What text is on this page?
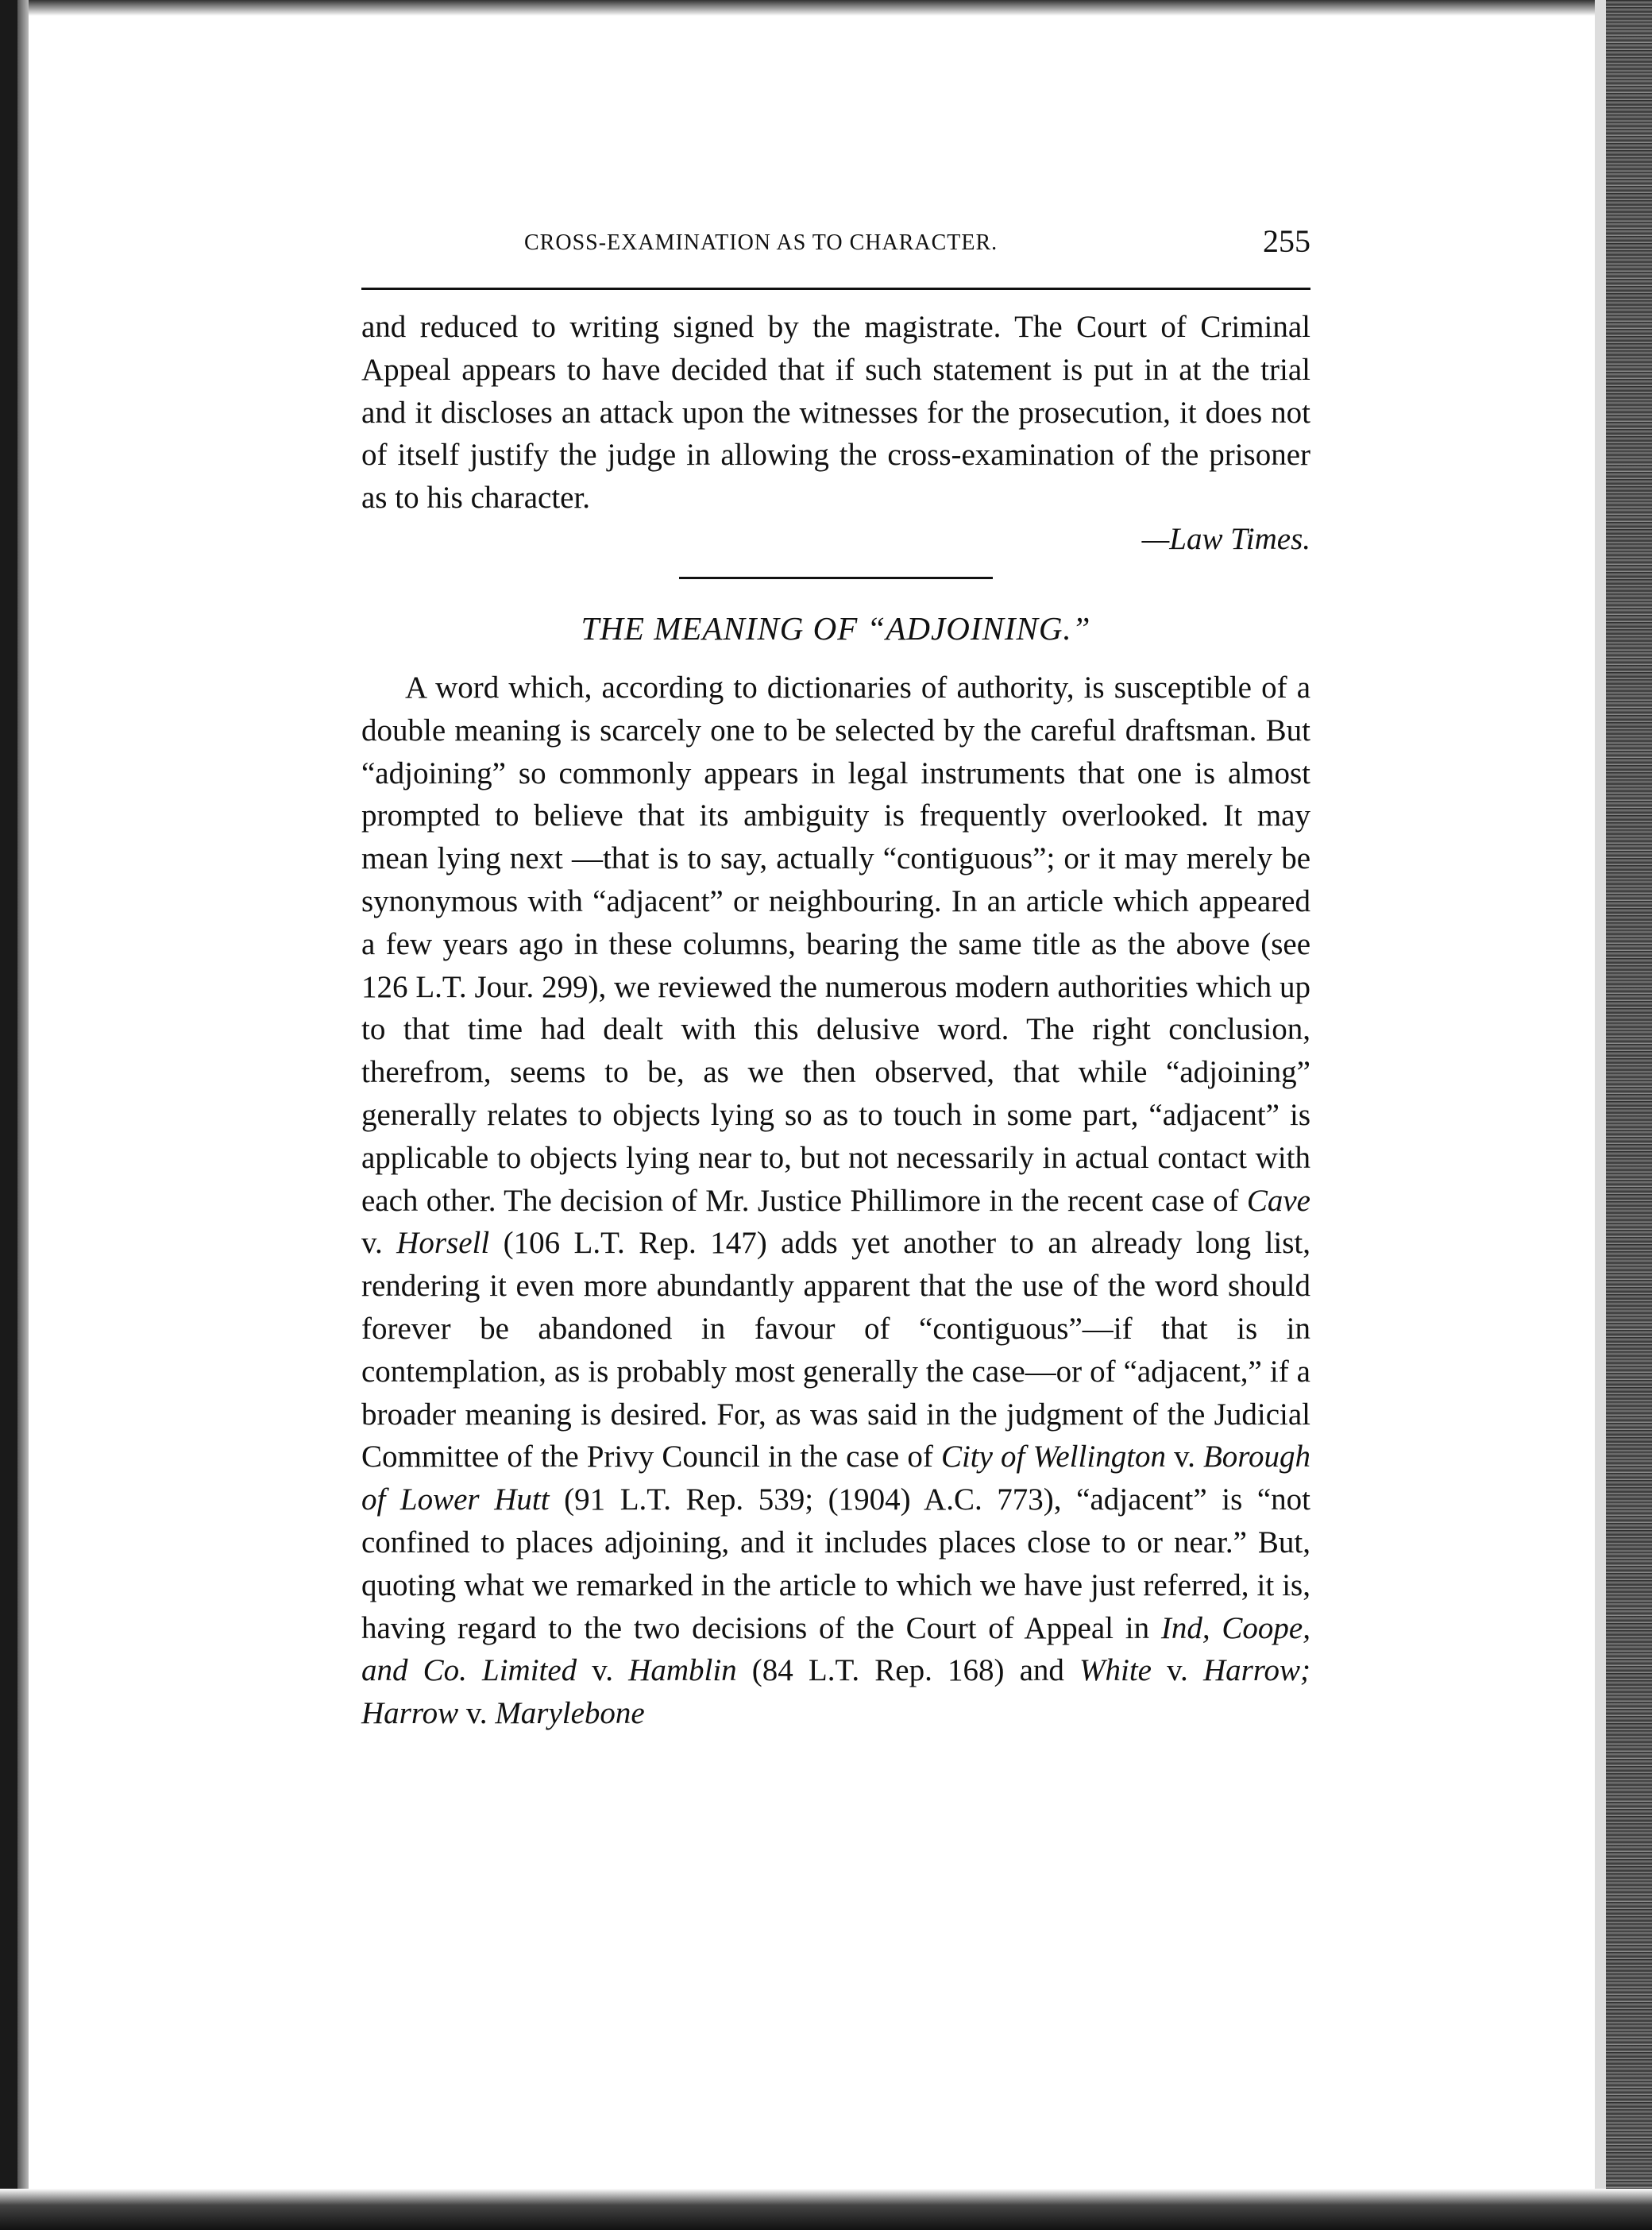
CROSS-EXAMINATION AS TO CHARACTER.	255

and reduced to writing signed by the magistrate. The Court of Criminal Appeal appears to have decided that if such statement is put in at the trial and it discloses an attack upon the witnesses for the prosecution, it does not of itself justify the judge in allowing the cross-examination of the prisoner as to his character.

—Law Times.

THE MEANING OF “ADJOINING.”

A word which, according to dictionaries of authority, is susceptible of a double meaning is scarcely one to be selected by the careful draftsman. But “adjoining” so commonly appears in legal instruments that one is almost prompted to believe that its ambiguity is frequently overlooked. It may mean lying next —that is to say, actually “contiguous”; or it may merely be synonymous with “adjacent” or neighbouring. In an article which appeared a few years ago in these columns, bearing the same title as the above (see 126 L.T. Jour. 299), we reviewed the numerous modern authorities which up to that time had dealt with this delusive word. The right conclusion, therefrom, seems to be, as we then observed, that while “adjoining” generally relates to objects lying so as to touch in some part, “adjacent” is applicable to objects lying near to, but not necessarily in actual contact with each other. The decision of Mr. Justice Phillimore in the recent case of Cave v. Horsell (106 L.T. Rep. 147) adds yet another to an already long list, rendering it even more abundantly apparent that the use of the word should forever be abandoned in favour of “contiguous”—if that is in contemplation, as is probably most generally the case—or of “adjacent,” if a broader meaning is desired. For, as was said in the judgment of the Judicial Committee of the Privy Council in the case of City of Wellington v. Borough of Lower Hutt (91 L.T. Rep. 539; (1904) A.C. 773), “adjacent” is “not confined to places adjoining, and it includes places close to or near.” But, quoting what we remarked in the article to which we have just referred, it is, having regard to the two decisions of the Court of Appeal in Ind, Coope, and Co. Limited v. Hamblin (84 L.T. Rep. 168) and White v. Harrow; Harrow v. Marylebone
